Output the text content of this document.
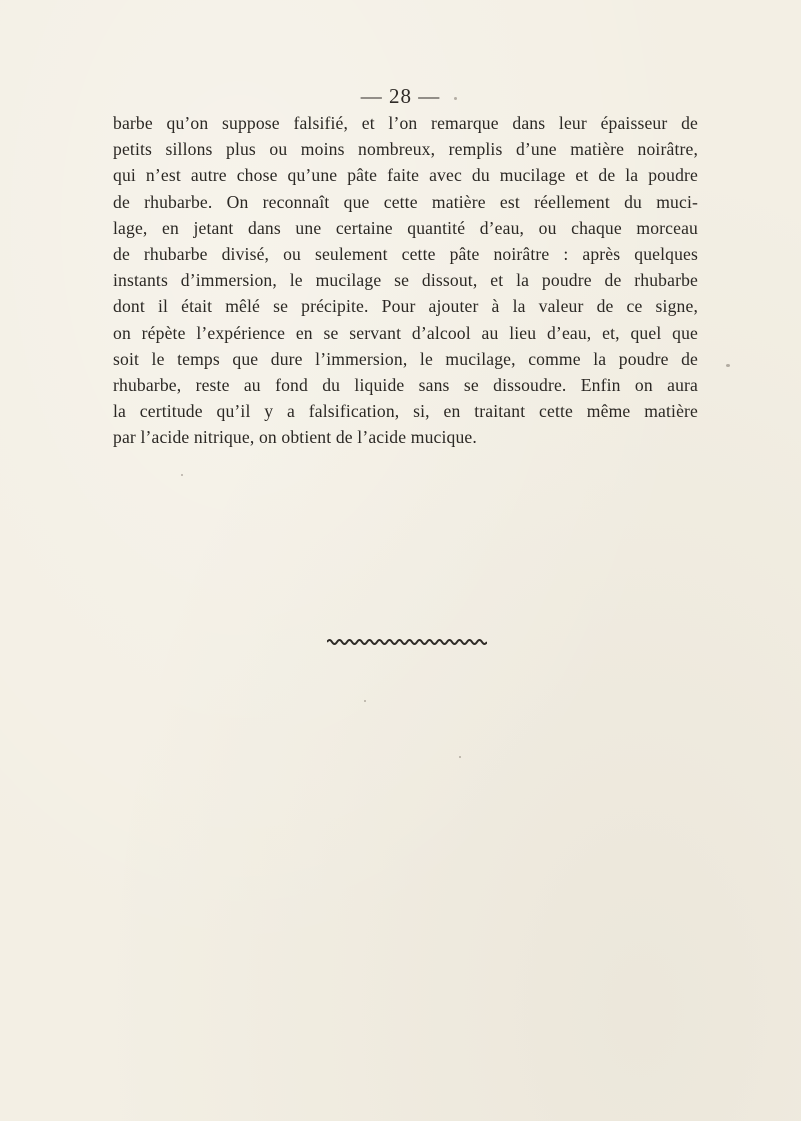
— 28 —
barbe qu’on suppose falsifié, et l’on remarque dans leur épaisseur de
petits sillons plus ou moins nombreux, remplis d’une matière noirâtre,
qui n’est autre chose qu’une pâte faite avec du mucilage et de la poudre
de rhubarbe. On reconnaît que cette matière est réellement du muci-
lage, en jetant dans une certaine quantité d’eau, ou chaque morceau
de rhubarbe divisé, ou seulement cette pâte noirâtre : après quelques
instants d’immersion, le mucilage se dissout, et la poudre de rhubarbe
dont il était mêlé se précipite. Pour ajouter à la valeur de ce signe,
on répète l’expérience en se servant d’alcool au lieu d’eau, et, quel que
soit le temps que dure l’immersion, le mucilage, comme la poudre de
rhubarbe, reste au fond du liquide sans se dissoudre. Enfin on aura
la certitude qu’il y a falsification, si, en traitant cette même matière
par l’acide nitrique, on obtient de l’acide mucique.
